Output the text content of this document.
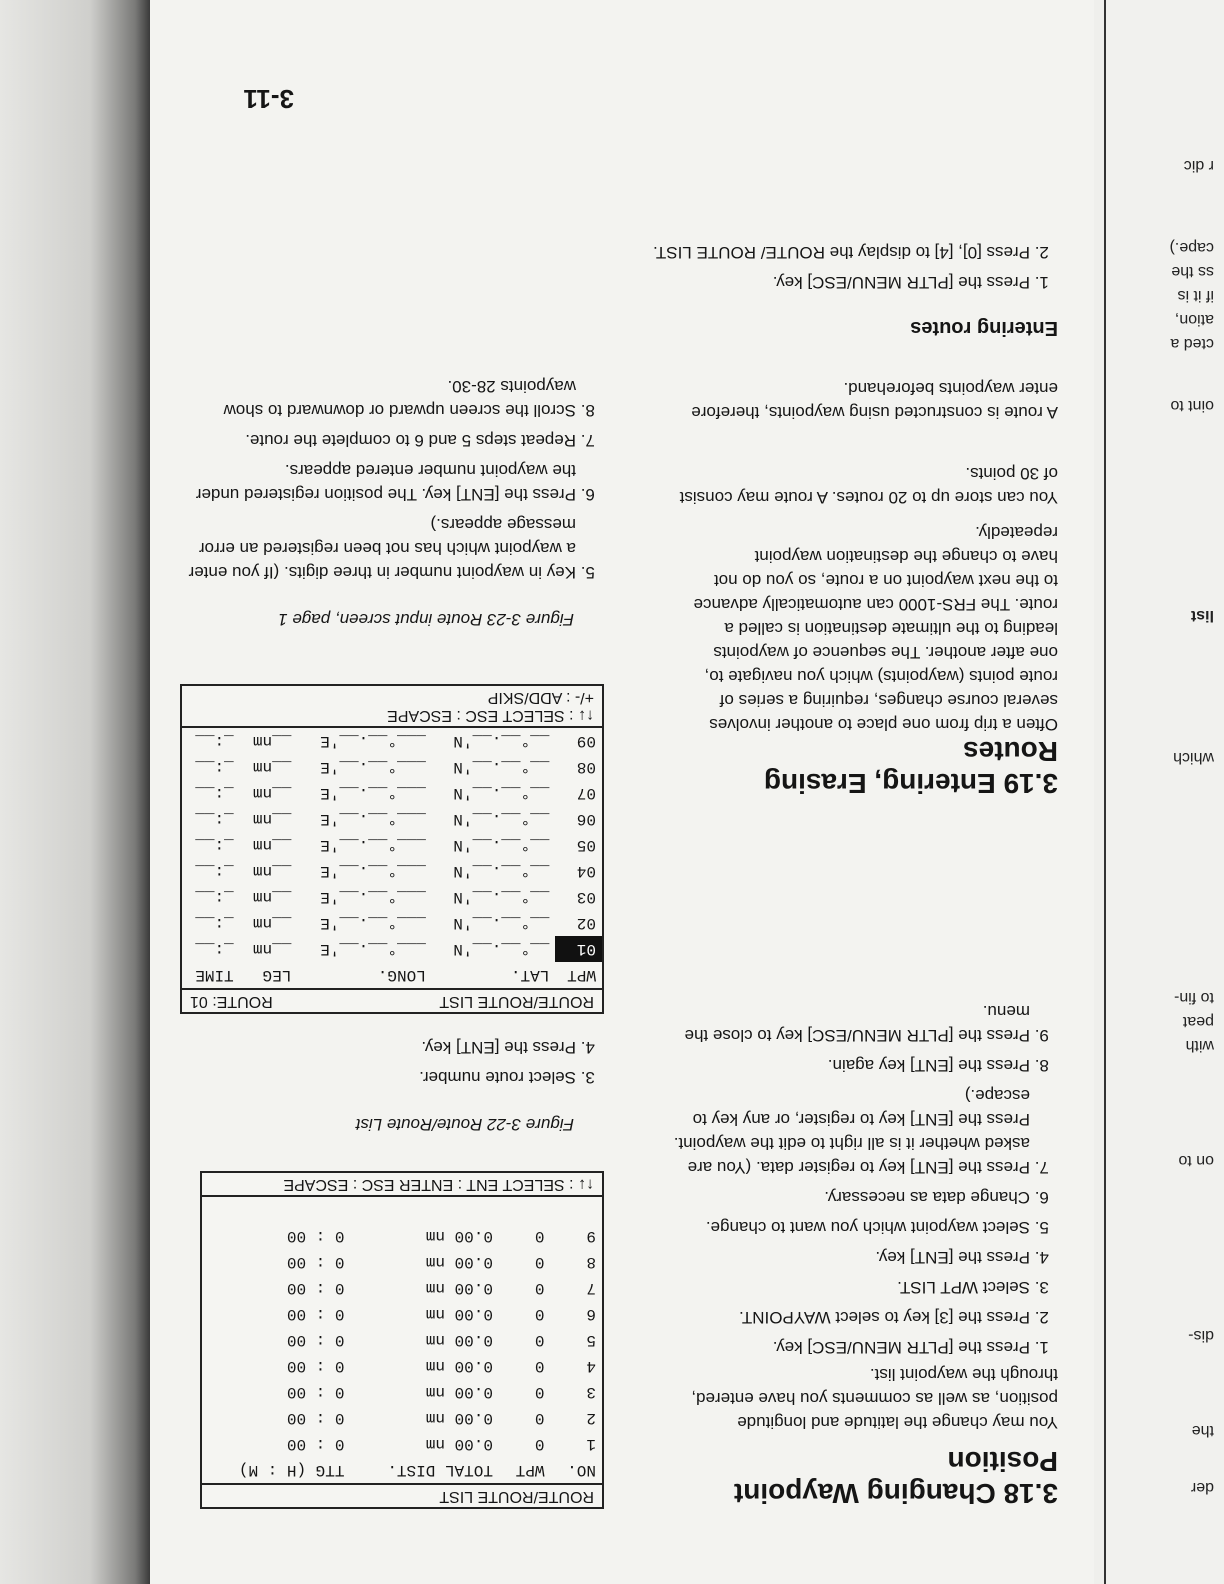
der
the
dis-
on to
with
peat
to fin-
which
list
oint to
cted a
ation,
if it is
ss the
cape.)
r dic
3.18 Changing Waypoint Position

You may change the latitude and longitude position, as well as comments you have entered, through the waypoint list.

1. Press the [PLTR MENU/ESC] key.
2. Press the [3] key to select WAYPOINT.
3. Select WPT LIST.
4. Press the [ENT] key.
5. Select waypoint which you want to change.
6. Change data as necessary.
7. Press the [ENT] key to register data. (You are asked whether it is all right to edit the waypoint. Press the [ENT] key to register, or any key to escape.)
8. Press the [ENT] key again.
9. Press the [PLTR MENU/ESC] key to close the menu.
3.19 Entering, Erasing Routes

Often a trip from one place to another involves several course changes, requiring a series of route points (waypoints) which you navigate to, one after another. The sequence of waypoints leading to the ultimate destination is called a route. The FRS-1000 can automatically advance to the next waypoint on a route, so you do not have to change the destination waypoint repeatedly.

You can store up to 20 routes. A route may consist of 30 points.

A route is constructed using waypoints, therefore enter waypoints beforehand.

Entering routes
1. Press the [PLTR MENU/ESC] key.
2. Press [0], [4] to display the ROUTE/ ROUTE LIST.
ROUTE/ROUTE LIST
NO.	WPT	TOTAL DIST.	TTG (H : M)
1	0	0.00 nm	0 : 00
2	0	0.00 nm	0 : 00
3	0	0.00 nm	0 : 00
4	0	0.00 nm	0 : 00
5	0	0.00 nm	0 : 00
6	0	0.00 nm	0 : 00
7	0	0.00 nm	0 : 00
8	0	0.00 nm	0 : 00
9	0	0.00 nm	0 : 00
↑↓ : SELECT ENT : ENTER ESC : ESCAPE
Figure 3-22 Route/Route List
3. Select route number.
4. Press the [ENT] key.
ROUTE/ROUTE LIST
ROUTE: 01
WPT	LAT.	LONG.	LEG	TIME
01	__°__.__'N	___°__.__'E	__nm	_:__
02	__°__.__'N	___°__.__'E	__nm	_:__
03	__°__.__'N	___°__.__'E	__nm	_:__
04	__°__.__'N	___°__.__'E	__nm	_:__
05	__°__.__'N	___°__.__'E	__nm	_:__
06	__°__.__'N	___°__.__'E	__nm	_:__
07	__°__.__'N	___°__.__'E	__nm	_:__
08	__°__.__'N	___°__.__'E	__nm	_:__
09	__°__.__'N	___°__.__'E	__nm	_:__
↑↓ : SELECT ESC : ESCAPE
+/- : ADD/SKIP
Figure 3-23 Route input screen, page 1
5. Key in waypoint number in three digits. (If you enter a waypoint which has not been registered an error message appears.)
6. Press the [ENT] key. The position registered under the waypoint number entered appears.
7. Repeat steps 5 and 6 to complete the route.
8. Scroll the screen upward or downward to show waypoints 28-30.
3-11
